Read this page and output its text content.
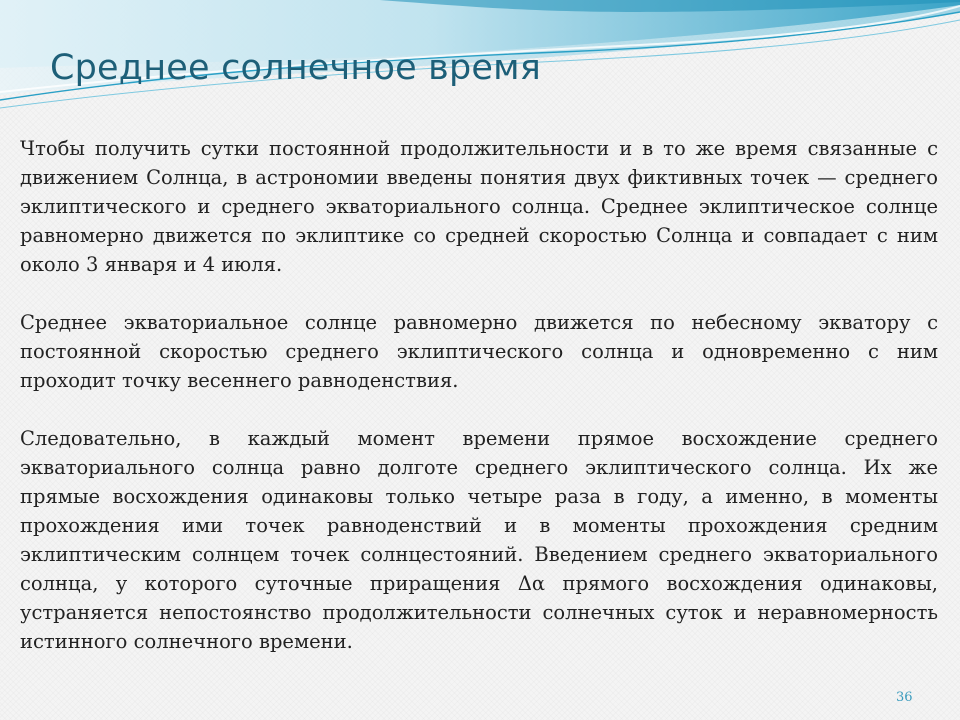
Среднее солнечное время

Чтобы получить сутки постоянной продолжительности и в то же время связанные с движением Солнца, в астрономии введены понятия двух фиктивных точек — среднего эклиптического и среднего экваториального солнца. Среднее эклиптическое солнце равномерно движется по эклиптике со средней скоростью Солнца и совпадает с ним около 3 января и 4 июля.

Среднее экваториальное солнце равномерно движется по небесному экватору с постоянной скоростью среднего эклиптического солнца и одновременно с ним проходит точку весеннего равноденствия.

Следовательно, в каждый момент времени прямое восхождение среднего экваториального солнца равно долготе среднего эклиптического солнца. Их же прямые восхождения одинаковы только четыре раза в году, а именно, в моменты прохождения ими точек равноденствий и в моменты прохождения средним эклиптическим солнцем точек солнцестояний. Введением среднего экваториального солнца, у которого суточные приращения Δα прямого восхождения одинаковы, устраняется непостоянство продолжительности солнечных суток и неравномерность истинного солнечного времени.

36
